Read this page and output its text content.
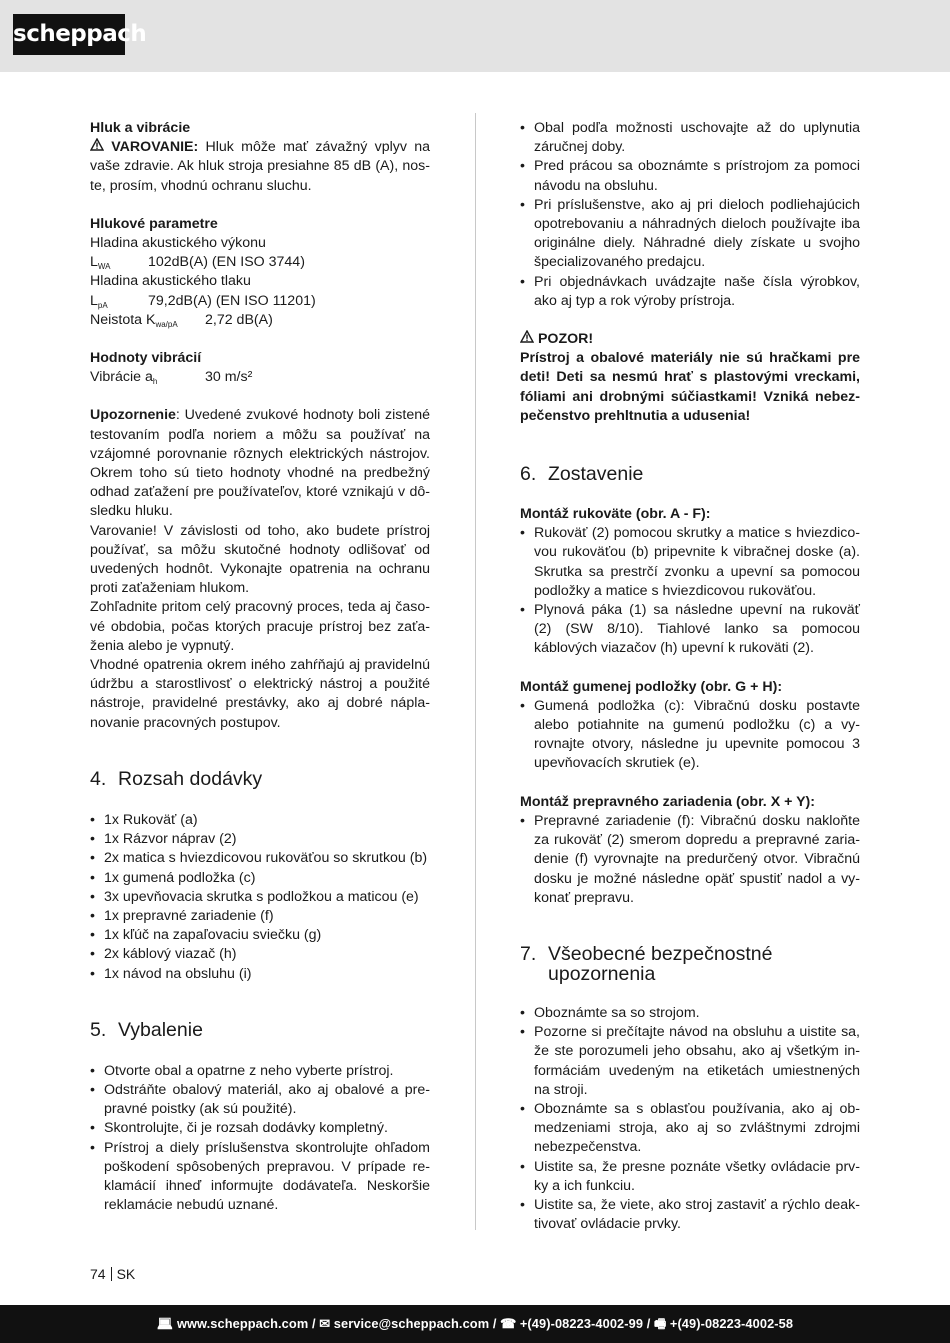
scheppach

Hluk a vibrácie

VAROVANIE: Hluk môže mať závažný vplyv na vaše zdravie. Ak hluk stroja presiahne 85 dB (A), noste, prosím, vhodnú ochranu sluchu.

Hlukové parametre

Hladina akustického výkonu

$L_{WA}$	102dB(A) (EN ISO 3744)

Hladina akustického tlaku

$L_{pA}$	79,2dB(A) (EN ISO 11201)
Neistota $K_{wa/pA}$	2,72 dB(A)

Hodnoty vibrácií

Vibrácie $a_h$	30 m/s²

Upozornenie: Uvedené zvukové hodnoty boli zistené testovaním podľa noriem a môžu sa používať na vzájomné porovnanie rôznych elektrických nástrojov. Okrem toho sú tieto hodnoty vhodné na predbežný odhad zaťažení pre používateľov, ktoré vznikajú v dôsledku hluku.

Varovanie! V závislosti od toho, ako budete prístroj používať, sa môžu skutočné hodnoty odlišovať od uvedených hodnôt. Vykonajte opatrenia na ochranu proti zaťaženiam hlukom.

Zohľadnite pritom celý pracovný proces, teda aj časové obdobia, počas ktorých pracuje prístroj bez zaťaženia alebo je vypnutý.

Vhodné opatrenia okrem iného zahŕňajú aj pravidelnú údržbu a starostlivosť o elektrický nástroj a použité nástroje, pravidelné prestávky, ako aj dobré náplanovanie pracovných postupov.

4. Rozsah dodávky
• 1x Rukoväť (a)
• 1x Rázvor náprav (2)
• 2x matica s hviezdicovou rukoväťou so skrutkou (b)
• 1x gumená podložka (c)
• 3x upevňovacia skrutka s podložkou a maticou (e)
• 1x prepravné zariadenie (f)
• 1x kľúč na zapaľovaciu sviečku (g)
• 2x káblový viazač (h)
• 1x návod na obsluhu (i)
5. Vybalenie
• Otvorte obal a opatrne z neho vyberte prístroj.
• Odstráňte obalový materiál, ako aj obalové a prepravné poistky (ak sú použité).
• Skontrolujte, či je rozsah dodávky kompletný.
• Prístroj a diely príslušenstva skontrolujte ohľadom poškodení spôsobených prepravou. V prípade reklamácií ihneď informujte dodávateľa. Neskoršie reklamácie nebudú uznané.
• Obal podľa možnosti uschovajte až do uplynutia záručnej doby.
• Pred prácou sa oboznámte s prístrojom za pomoci návodu na obsluhu.
• Pri príslušenstve, ako aj pri dieloch podliehajúcich opotrebovaniu a náhradných dieloch používajte iba originálne diely. Náhradné diely získate u svojho špecializovaného predajcu.
• Pri objednávkach uvádzajte naše čísla výrobkov, ako aj typ a rok výroby prístroja.

POZOR!

Prístroj a obalové materiály nie sú hračkami pre deti! Deti sa nesmú hrať s plastovými vreckami, fóliami ani drobnými súčiastkami! Vzniká nebezpečenstvo prehltnutia a udusenia!

6. Zostavenie

Montáž rukoväte (obr. A - F):

• Rukoväť (2) pomocou skrutky a matice s hviezdicovou rukoväťou (b) pripevnite k vibračnej doske (a). Skrutka sa prestrčí zvonku a upevní sa pomocou podložky a matice s hviezdicovou rukoväťou.
• Plynová páka (1) sa následne upevní na rukoväť (2) (SW 8/10). Tiahlové lanko sa pomocou káblových viazačov (h) upevní k rukoväti (2).

Montáž gumenej podložky (obr. G + H):

• Gumená podložka (c): Vibračnú dosku postavte alebo potiahnite na gumenú podložku (c) a vyrovnajte otvory, následne ju upevnite pomocou 3 upevňovacích skrutiek (e).

Montáž prepravného zariadenia (obr. X + Y):

• Prepravné zariadenie (f): Vibračnú dosku nakloňte za rukoväť (2) smerom dopredu a prepravné zariadenie (f) vyrovnajte na predurčený otvor. Vibračnú dosku je možné následne opäť spustiť nadol a vykonať prepravu.
7. Všeobecné bezpečnostné upozornenia
• Oboznámte sa so strojom.
• Pozorne si prečítajte návod na obsluhu a uistite sa, že ste porozumeli jeho obsahu, ako aj všetkým informáciám uvedeným na etiketách umiestnených na stroji.
• Oboznámte sa s oblasťou používania, ako aj obmedzeniami stroja, ako aj so zvláštnymi zdrojmi nebezpečenstva.
• Uistite sa, že presne poznáte všetky ovládacie prvky a ich funkciu.
• Uistite sa, že viete, ako stroj zastaviť a rýchlo deaktivovať ovládacie prvky.
74 SK
💻︎ www.scheppach.com / ✉︎ service@scheppach.com / ☎︎ +(49)-08223-4002-99 / 🖷︎ +(49)-08223-4002-58
